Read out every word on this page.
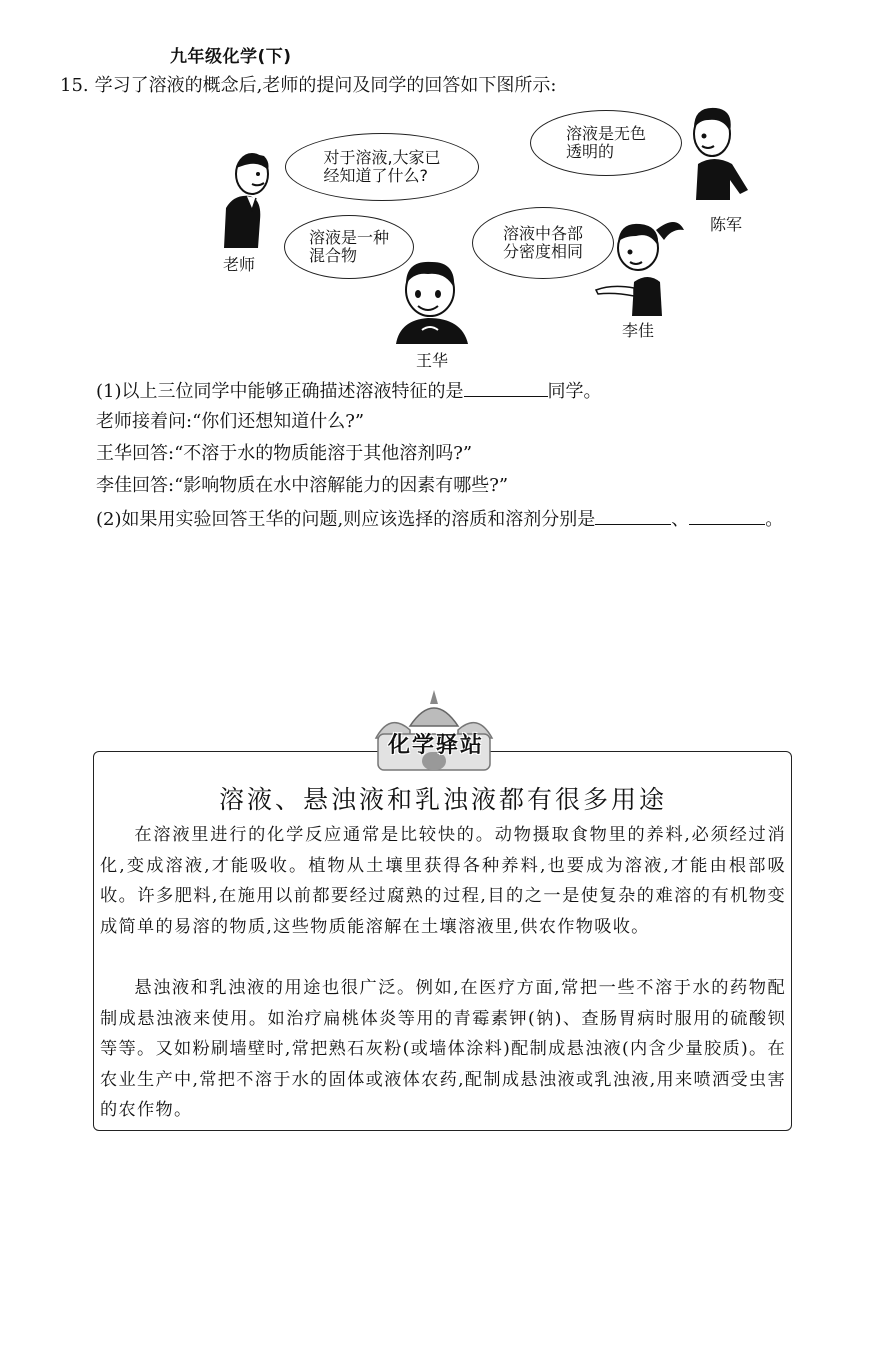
九年级化学(下)
15. 学习了溶液的概念后,老师的提问及同学的回答如下图所示:
老师
对于溶液,大家已
经知道了什么?
溶液是一种
混合物
王华
溶液中各部
分密度相同
李佳
溶液是无色
透明的
陈军
(1)以上三位同学中能够正确描述溶液特征的是	同学。
老师接着问:“你们还想知道什么?”
王华回答:“不溶于水的物质能溶于其他溶剂吗?”
李佳回答:“影响物质在水中溶解能力的因素有哪些?”
(2)如果用实验回答王华的问题,则应该选择的溶质和溶剂分别是	、	。
化学驿站
溶液、悬浊液和乳浊液都有很多用途
在溶液里进行的化学反应通常是比较快的。动物摄取食物里的养料,必须经过消化,变成溶液,才能吸收。植物从土壤里获得各种养料,也要成为溶液,才能由根部吸收。许多肥料,在施用以前都要经过腐熟的过程,目的之一是使复杂的难溶的有机物变成简单的易溶的物质,这些物质能溶解在土壤溶液里,供农作物吸收。
悬浊液和乳浊液的用途也很广泛。例如,在医疗方面,常把一些不溶于水的药物配制成悬浊液来使用。如治疗扁桃体炎等用的青霉素钾(钠)、查肠胃病时服用的硫酸钡等等。又如粉刷墙壁时,常把熟石灰粉(或墙体涂料)配制成悬浊液(内含少量胶质)。在农业生产中,常把不溶于水的固体或液体农药,配制成悬浊液或乳浊液,用来喷洒受虫害的农作物。
